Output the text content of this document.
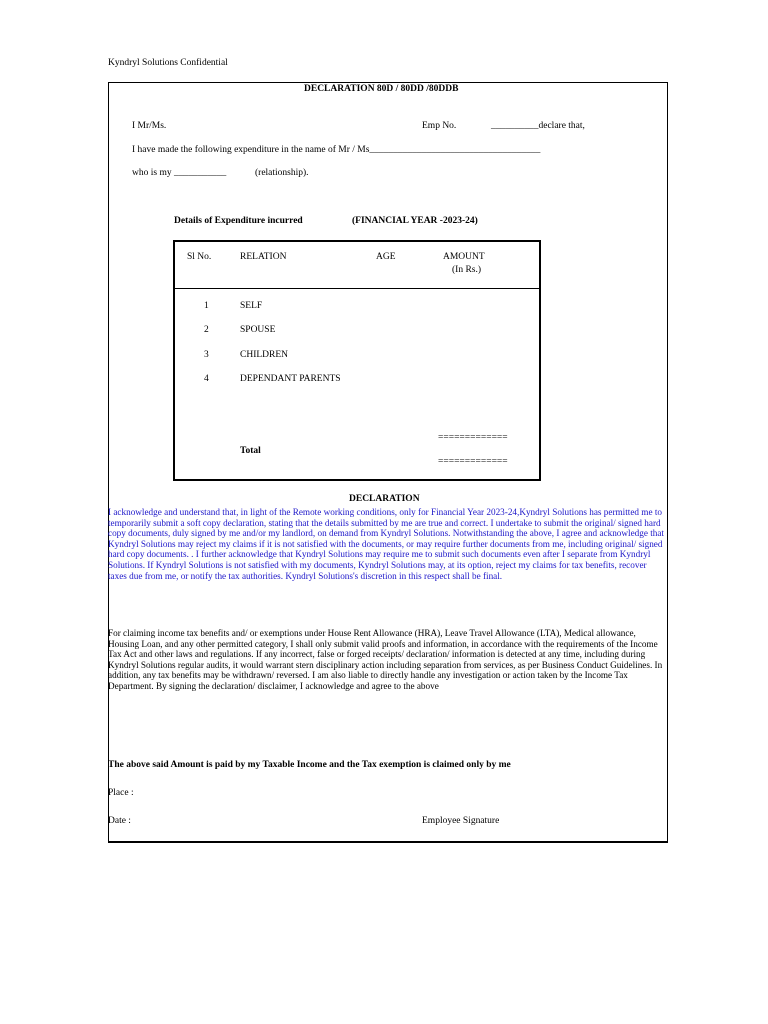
Kyndryl Solutions Confidential
DECLARATION 80D / 80DD /80DDB
I Mr/Ms.	Emp No.	__________declare that,
I have made the following expenditure in the name of Mr / Ms____________________________________
who is my ___________	(relationship).
Details of Expenditure incurred	(FINANCIAL YEAR -2023-24)
Sl No.	RELATION	AGE	AMOUNT
(In Rs.)
1	SELF
2	SPOUSE
3	CHILDREN
4	DEPENDANT PARENTS
=============
Total
=============
DECLARATION
I acknowledge and understand that, in light of the Remote working conditions, only for Financial Year 2023-24,Kyndryl Solutions has permitted me to temporarily submit a soft copy declaration, stating that the details submitted by me are true and correct. I undertake to submit the original/ signed hard copy documents, duly signed by me and/or my landlord, on demand from Kyndryl Solutions. Notwithstanding the above, I agree and acknowledge that Kyndryl Solutions may reject my claims if it is not satisfied with the documents, or may require further documents from me, including original/ signed hard copy documents. . I further acknowledge that Kyndryl Solutions may require me to submit such documents even after I separate from Kyndryl Solutions. If Kyndryl Solutions is not satisfied with my documents, Kyndryl Solutions may, at its option, reject my claims for tax benefits, recover taxes due from me, or notify the tax authorities. Kyndryl Solutions's discretion in this respect shall be final.
For claiming income tax benefits and/ or exemptions under House Rent Allowance (HRA), Leave Travel Allowance (LTA), Medical allowance, Housing Loan, and any other permitted category, I shall only submit valid proofs and information, in accordance with the requirements of the Income Tax Act and other laws and regulations. If any incorrect, false or forged receipts/ declaration/ information is detected at any time, including during Kyndryl Solutions regular audits, it would warrant stern disciplinary action including separation from services, as per Business Conduct Guidelines. In addition, any tax benefits may be withdrawn/ reversed. I am also liable to directly handle any investigation or action taken by the Income Tax Department. By signing the declaration/ disclaimer, I acknowledge and agree to the above
The above said Amount is paid by my Taxable Income and the Tax exemption is claimed only by me
Place :
Date :	Employee Signature
